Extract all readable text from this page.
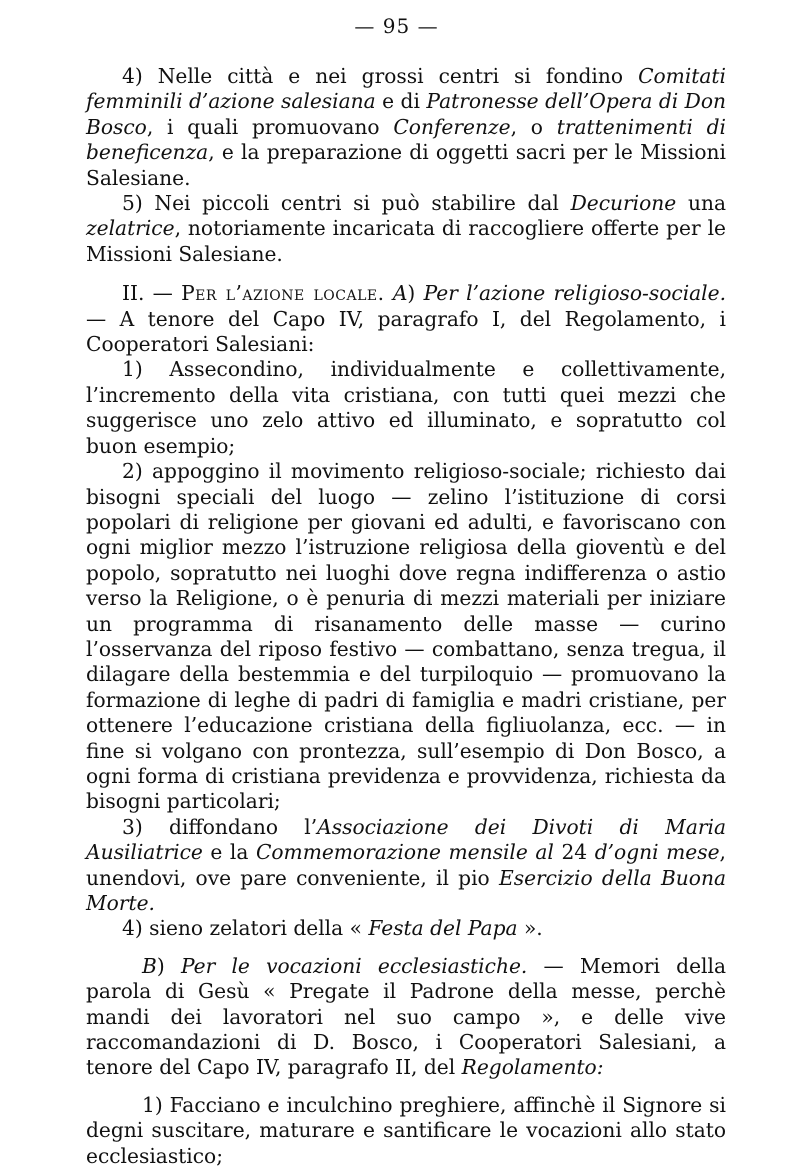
— 95 —

4) Nelle città e nei grossi centri si fondino Comitati femminili d’azione salesiana e di Patronesse dell’Opera di Don Bosco, i quali promuovano Conferenze, o trattenimenti di beneficenza, e la preparazione di oggetti sacri per le Missioni Salesiane.

5) Nei piccoli centri si può stabilire dal Decurione una zelatrice, notoriamente incaricata di raccogliere offerte per le Missioni Salesiane.

II. — Per l’azione locale. A) Per l’azione religioso-sociale. — A tenore del Capo IV, paragrafo I, del Regolamento, i Cooperatori Salesiani:

1) Assecondino, individualmente e collettivamente, l’incremento della vita cristiana, con tutti quei mezzi che suggerisce uno zelo attivo ed illuminato, e sopratutto col buon esempio;

2) appoggino il movimento religioso-sociale; richiesto dai bisogni speciali del luogo — zelino l’istituzione di corsi popolari di religione per giovani ed adulti, e favoriscano con ogni miglior mezzo l’istruzione religiosa della gioventù e del popolo, sopratutto nei luoghi dove regna indifferenza o astio verso la Religione, o è penuria di mezzi materiali per iniziare un programma di risanamento delle masse — curino l’osservanza del riposo festivo — combattano, senza tregua, il dilagare della bestemmia e del turpiloquio — promuovano la formazione di leghe di padri di famiglia e madri cristiane, per ottenere l’educazione cristiana della figliuolanza, ecc. — in fine si volgano con prontezza, sull’esempio di Don Bosco, a ogni forma di cristiana previdenza e provvidenza, richiesta da bisogni particolari;

3) diffondano l’Associazione dei Divoti di Maria Ausiliatrice e la Commemorazione mensile al 24 d’ogni mese, unendovi, ove pare conveniente, il pio Esercizio della Buona Morte.

4) sieno zelatori della « Festa del Papa ».

B) Per le vocazioni ecclesiastiche. — Memori della parola di Gesù « Pregate il Padrone della messe, perchè mandi dei lavoratori nel suo campo », e delle vive raccomandazioni di D. Bosco, i Cooperatori Salesiani, a tenore del Capo IV, paragrafo II, del Regolamento:

1) Facciano e inculchino preghiere, affinchè il Signore si degni suscitare, maturare e santificare le vocazioni allo stato ecclesiastico;
